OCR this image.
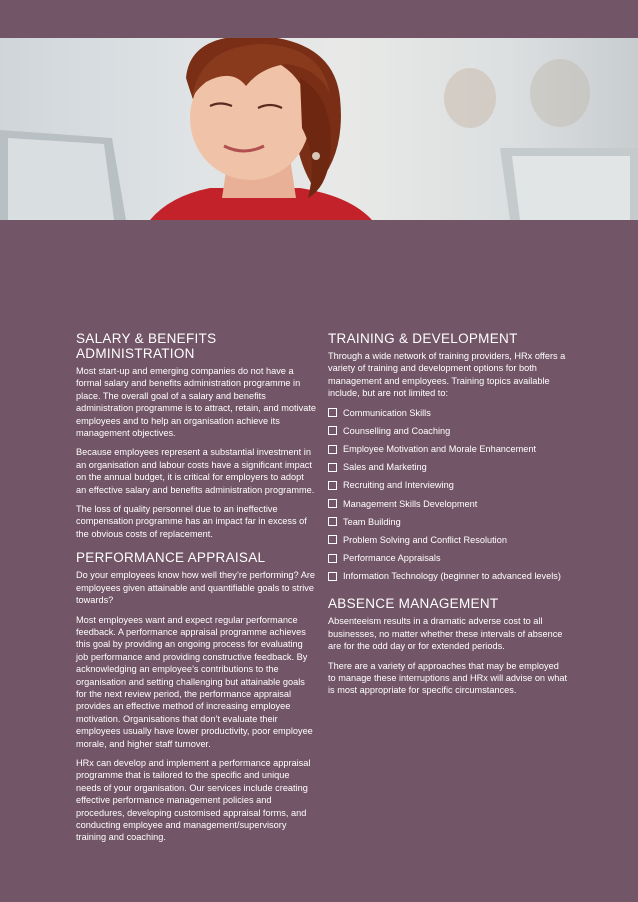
SALARY & BENEFITS ADMINISTRATION

Most start-up and emerging companies do not have a formal salary and benefits administration programme in place. The overall goal of a salary and benefits administration programme is to attract, retain, and motivate employees and to help an organisation achieve its management objectives.

Because employees represent a substantial investment in an organisation and labour costs have a significant impact on the annual budget, it is critical for employers to adopt an effective salary and benefits administration programme.

The loss of quality personnel due to an ineffective compensation programme has an impact far in excess of the obvious costs of replacement.

PERFORMANCE APPRAISAL

Do your employees know how well they’re performing? Are employees given attainable and quantifiable goals to strive towards?

Most employees want and expect regular performance feedback. A performance appraisal programme achieves this goal by providing an ongoing process for evaluating job performance and providing constructive feedback. By acknowledging an employee’s contributions to the organisation and setting challenging but attainable goals for the next review period, the performance appraisal provides an effective method of increasing employee motivation. Organisations that don’t evaluate their employees usually have lower productivity, poor employee morale, and higher staff turnover.

HRx can develop and implement a performance appraisal programme that is tailored to the specific and unique needs of your organisation. Our services include creating effective performance management policies and procedures, developing customised appraisal forms, and conducting employee and management/supervisory training and coaching.

TRAINING & DEVELOPMENT

Through a wide network of training providers, HRx offers a variety of training and development options for both management and employees. Training topics available include, but are not limited to:

Communication Skills
Counselling and Coaching
Employee Motivation and Morale Enhancement
Sales and Marketing
Recruiting and Interviewing
Management Skills Development
Team Building
Problem Solving and Conflict Resolution
Performance Appraisals
Information Technology (beginner to advanced levels)
ABSENCE MANAGEMENT

Absenteeism results in a dramatic adverse cost to all businesses, no matter whether these intervals of absence are for the odd day or for extended periods.

There are a variety of approaches that may be employed to manage these interruptions and HRx will advise on what is most appropriate for specific circumstances.
